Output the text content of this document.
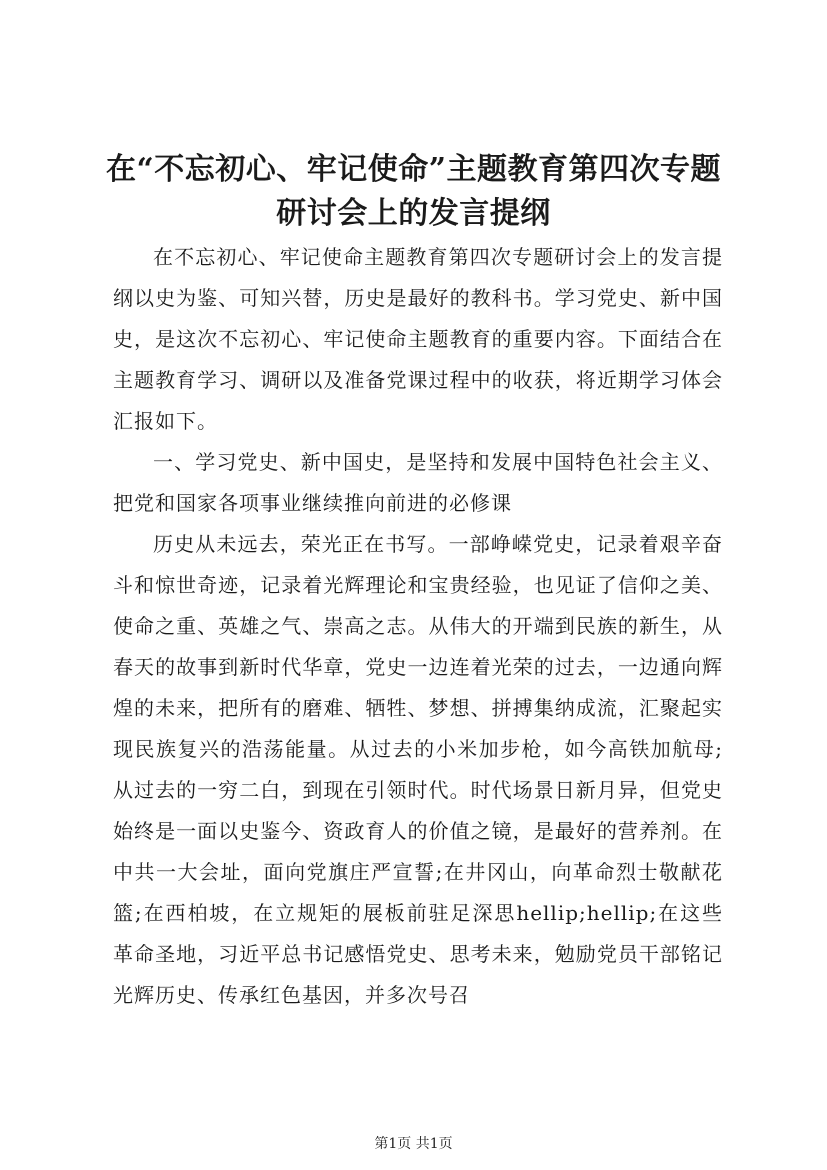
在“不忘初心、牢记使命”主题教育第四次专题研讨会上的发言提纲

在不忘初心、牢记使命主题教育第四次专题研讨会上的发言提纲以史为鉴、可知兴替，历史是最好的教科书。学习党史、新中国史，是这次不忘初心、牢记使命主题教育的重要内容。下面结合在主题教育学习、调研以及准备党课过程中的收获，将近期学习体会汇报如下。

一、学习党史、新中国史，是坚持和发展中国特色社会主义、把党和国家各项事业继续推向前进的必修课

历史从未远去，荣光正在书写。一部峥嵘党史，记录着艰辛奋斗和惊世奇迹，记录着光辉理论和宝贵经验，也见证了信仰之美、使命之重、英雄之气、崇高之志。从伟大的开端到民族的新生，从春天的故事到新时代华章，党史一边连着光荣的过去，一边通向辉煌的未来，把所有的磨难、牺牲、梦想、拼搏集纳成流，汇聚起实现民族复兴的浩荡能量。从过去的小米加步枪，如今高铁加航母;从过去的一穷二白，到现在引领时代。时代场景日新月异，但党史始终是一面以史鉴今、资政育人的价值之镜，是最好的营养剂。在中共一大会址，面向党旗庄严宣誓;在井冈山，向革命烈士敬献花篮;在西柏坡，在立规矩的展板前驻足深思hellip;hellip;在这些革命圣地，习近平总书记感悟党史、思考未来，勉励党员干部铭记光辉历史、传承红色基因，并多次号召

第1页 共1页
